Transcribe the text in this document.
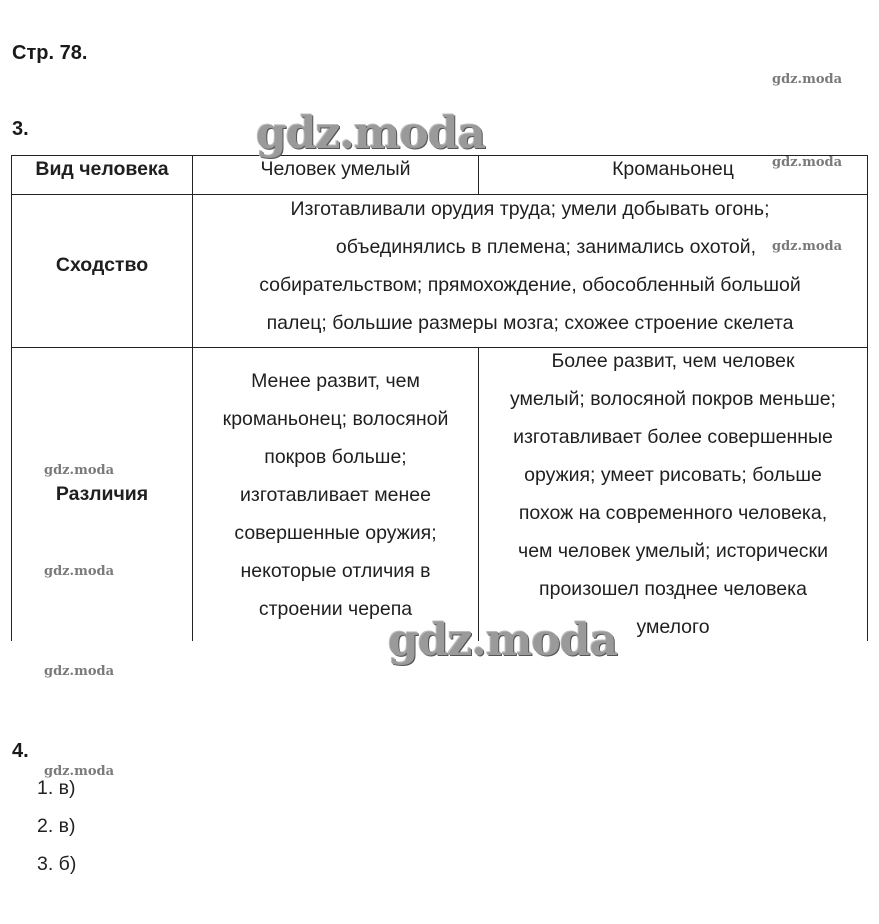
Стр. 78.
3.
Вид человека	Человек умелый	Кроманьонец
Сходство
Изготавливали орудия труда; умели добывать огонь;
объединялись в племена; занимались охотой,
собирательством; прямохождение, обособленный большой
палец; большие размеры мозга; схожее строение скелета
Различия
Менее развит, чем
кроманьонец; волосяной
покров больше;
изготавливает менее
совершенные оружия;
некоторые отличия в
строении черепа
Более развит, чем человек
умелый; волосяной покров меньше;
изготавливает более совершенные
оружия; умеет рисовать; больше
похож на современного человека,
чем человек умелый; исторически
произошел позднее человека
умелого
4.
1. в)
2. в)
3. б)
gdz.moda
gdz.moda
gdz.moda
gdz.moda
gdz.moda
gdz.moda
gdz.moda
gdz.moda
gdz.moda
